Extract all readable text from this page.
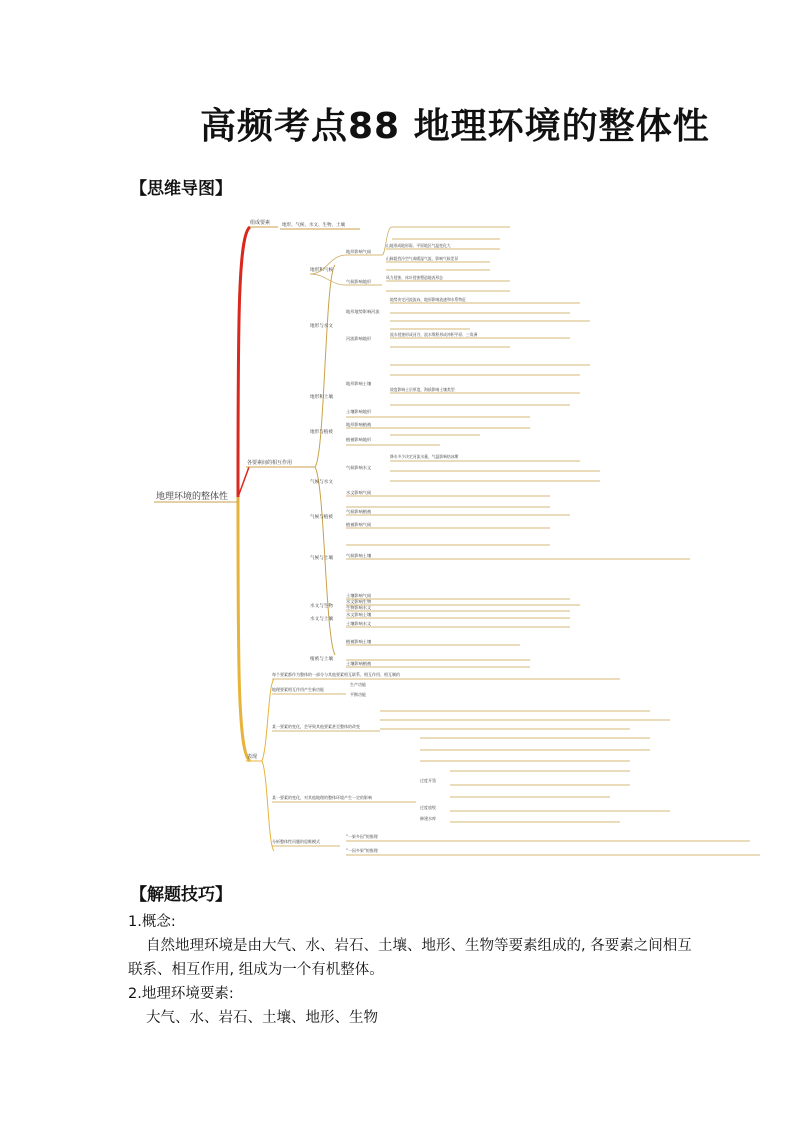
高频考点88 地理环境的整体性
【思维导图】
地理环境的整体性
组成要素	地形、气候、水文、生物、土壤
各要素间的相互作用
地形和气候
地形与水文
地形和土壤
地形与植被
气候与水文
气候与植被
气候与土壤
水文与生物
水文与土壤
植被与土壤
地形影响气候
气候影响地形
地形地势影响河流
河流影响地形
地形影响土壤
土壤影响地形
地形影响植被
植被影响地形
气候影响水文
水文影响气候
气候影响植被
植被影响气候
气候影响土壤
土壤影响气候
水文影响生物
生物影响水文
水文影响土壤
土壤影响水文
植被影响土壤
土壤影响植被
山地形成地形雨、平原地区气温变化大
山脉阻挡冷空气或暖湿气流，影响气候差异
风力侵蚀、冰川侵蚀塑造地表形态
地势决定河流流向，地形影响流速和水系特征
流水侵蚀形成河谷，流水堆积形成冲积平原、三角洲
坡度影响土层厚度，海拔影响土壤类型
降水多少决定河流水量，气温影响结冰期
表现
每个要素都作为整体的一部分与其他要素相互联系、相互作用、相互制约
地理要素相互作用产生新功能
某一要素的变化，会导致其他要素甚至整体的改变
某一要素的变化，对其他地理的整体环境产生一定的影响
分析整体性问题的思维模式
生产功能
平衡功能
过度开垦
过度放牧
修建水库
"一果多因"的推理
"一因多果"的推理
【解题技巧】
1.概念:
自然地理环境是由大气、水、岩石、土壤、地形、生物等要素组成的, 各要素之间相互联系、相互作用, 组成为一个有机整体。
2.地理环境要素:
大气、水、岩石、土壤、地形、生物
